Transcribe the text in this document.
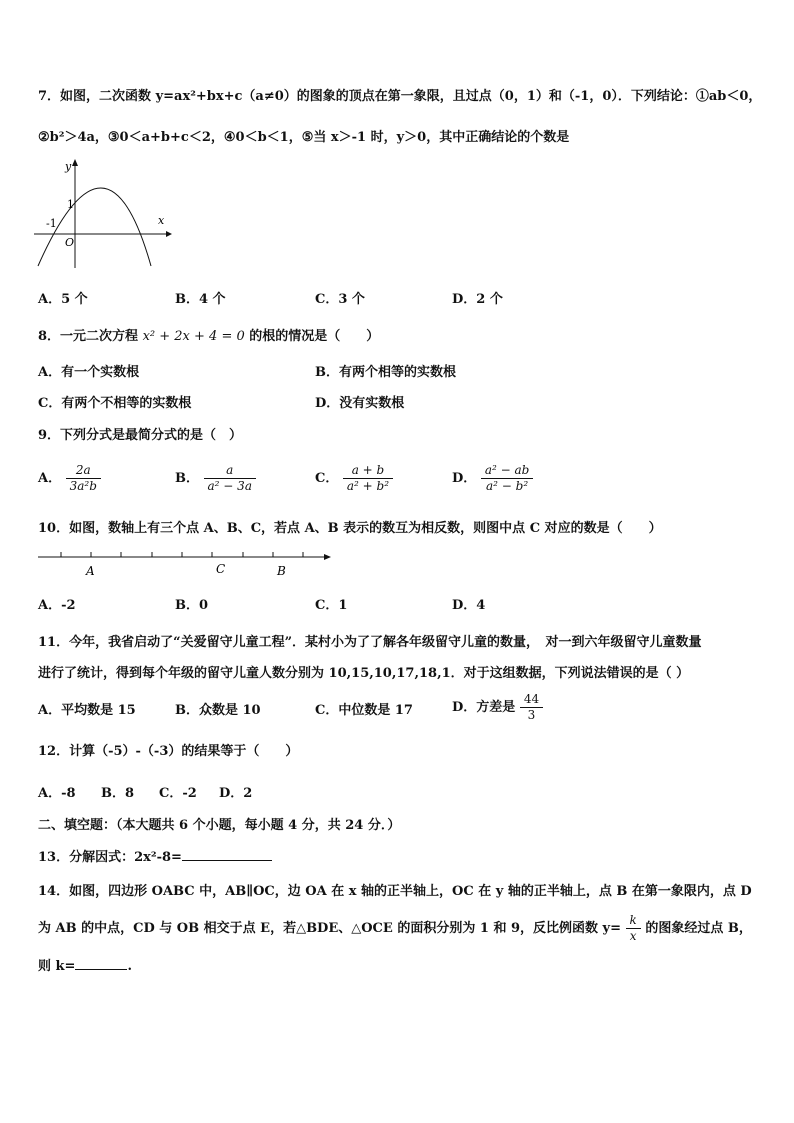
7．如图，二次函数 y=ax²+bx+c（a≠0）的图象的顶点在第一象限，且过点（0，1）和（-1，0）．下列结论：①ab＜0，
②b²＞4a，③0＜a+b+c＜2，④0＜b＜1，⑤当 x＞-1 时，y＞0，其中正确结论的个数是
y
x
1
-1
O
A．5 个	B．4 个	C．3 个	D．2 个
8．一元二次方程 x² + 2x + 4 = 0 的根的情况是（　　）
A．有一个实数根	B．有两个相等的实数根
C．有两个不相等的实数根	D．没有实数根
9．下列分式是最简分式的是（　）
A． $\frac{2a}{\text{3a²b}}$	B． $\frac{a}{\text{a² − 3a}}$	C． $\frac{a + b}{\text{a² + b²}}$	D． $\frac{\text{a² − ab}}{\text{a² − b²}}$
10．如图，数轴上有三个点 A、B、C，若点 A、B 表示的数互为相反数，则图中点 C 对应的数是（　　）
A	C	B
A．-2	B．0	C．1	D．4
11．今年，我省启动了“关爱留守儿童工程”．某村小为了了解各年级留守儿童的数量，　对一到六年级留守儿童数量
进行了统计，得到每个年级的留守儿童人数分别为 10,15,10,17,18,1．对于这组数据，下列说法错误的是（ ）
A．平均数是 15	B．众数是 10	C．中位数是 17	D．方差是 $\frac{44}{3}$
12．计算（-5）-（-3）的结果等于（　　）
A．-8 B．8 C．-2 D．2
二、填空题：（本大题共 6 个小题，每小题 4 分，共 24 分．）
13．分解因式：2x²-8=
14．如图，四边形 OABC 中，AB∥OC，边 OA 在 x 轴的正半轴上，OC 在 y 轴的正半轴上，点 B 在第一象限内，点 D
为 AB 的中点，CD 与 OB 相交于点 E，若△BDE、△OCE 的面积分别为 1 和 9，反比例函数 $y= \frac{k}{x}$ 的图象经过点 B，
则 k=	.
